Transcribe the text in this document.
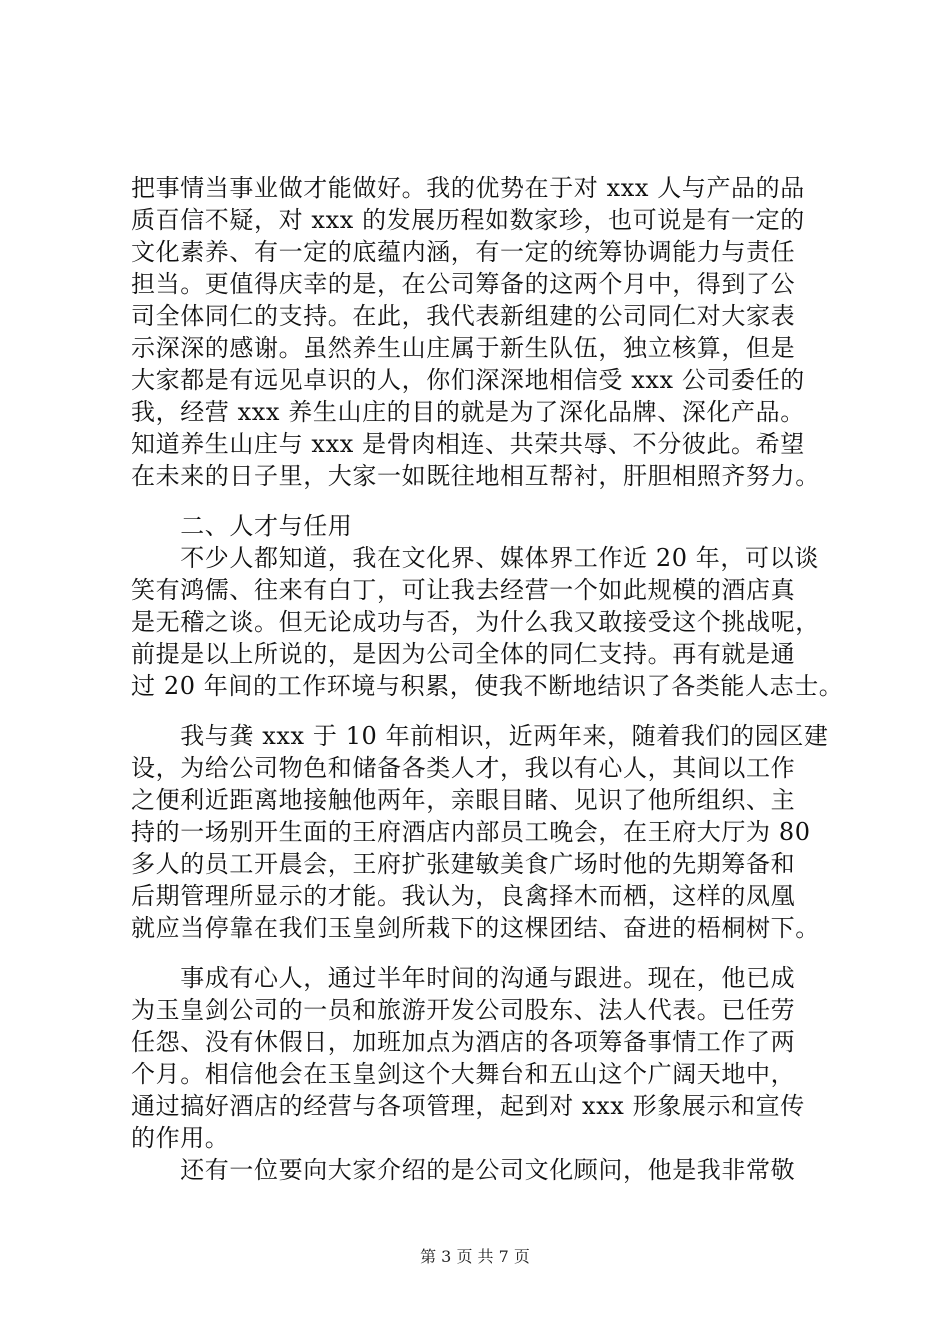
把事情当事业做才能做好。我的优势在于对 xxx 人与产品的品
质百信不疑，对 xxx 的发展历程如数家珍，也可说是有一定的
文化素养、有一定的底蕴内涵，有一定的统筹协调能力与责任
担当。更值得庆幸的是，在公司筹备的这两个月中，得到了公
司全体同仁的支持。在此，我代表新组建的公司同仁对大家表
示深深的感谢。虽然养生山庄属于新生队伍，独立核算，但是
大家都是有远见卓识的人，你们深深地相信受 xxx 公司委任的
我，经营 xxx 养生山庄的目的就是为了深化品牌、深化产品。
知道养生山庄与 xxx 是骨肉相连、共荣共辱、不分彼此。希望
在未来的日子里，大家一如既往地相互帮衬，肝胆相照齐努力。
　　二、人才与任用
　　不少人都知道，我在文化界、媒体界工作近 20 年，可以谈
笑有鸿儒、往来有白丁，可让我去经营一个如此规模的酒店真
是无稽之谈。但无论成功与否，为什么我又敢接受这个挑战呢，
前提是以上所说的，是因为公司全体的同仁支持。再有就是通
过 20 年间的工作环境与积累，使我不断地结识了各类能人志士。
　　我与龚 xxx 于 10 年前相识，近两年来，随着我们的园区建
设，为给公司物色和储备各类人才，我以有心人，其间以工作
之便利近距离地接触他两年，亲眼目睹、见识了他所组织、主
持的一场别开生面的王府酒店内部员工晚会，在王府大厅为 80
多人的员工开晨会，王府扩张建敏美食广场时他的先期筹备和
后期管理所显示的才能。我认为，良禽择木而栖，这样的凤凰
就应当停靠在我们玉皇剑所栽下的这棵团结、奋进的梧桐树下。
　　事成有心人，通过半年时间的沟通与跟进。现在，他已成
为玉皇剑公司的一员和旅游开发公司股东、法人代表。已任劳
任怨、没有休假日，加班加点为酒店的各项筹备事情工作了两
个月。相信他会在玉皇剑这个大舞台和五山这个广阔天地中，
通过搞好酒店的经营与各项管理，起到对 xxx 形象展示和宣传
的作用。
　　还有一位要向大家介绍的是公司文化顾问，他是我非常敬
第 3 页 共 7 页
